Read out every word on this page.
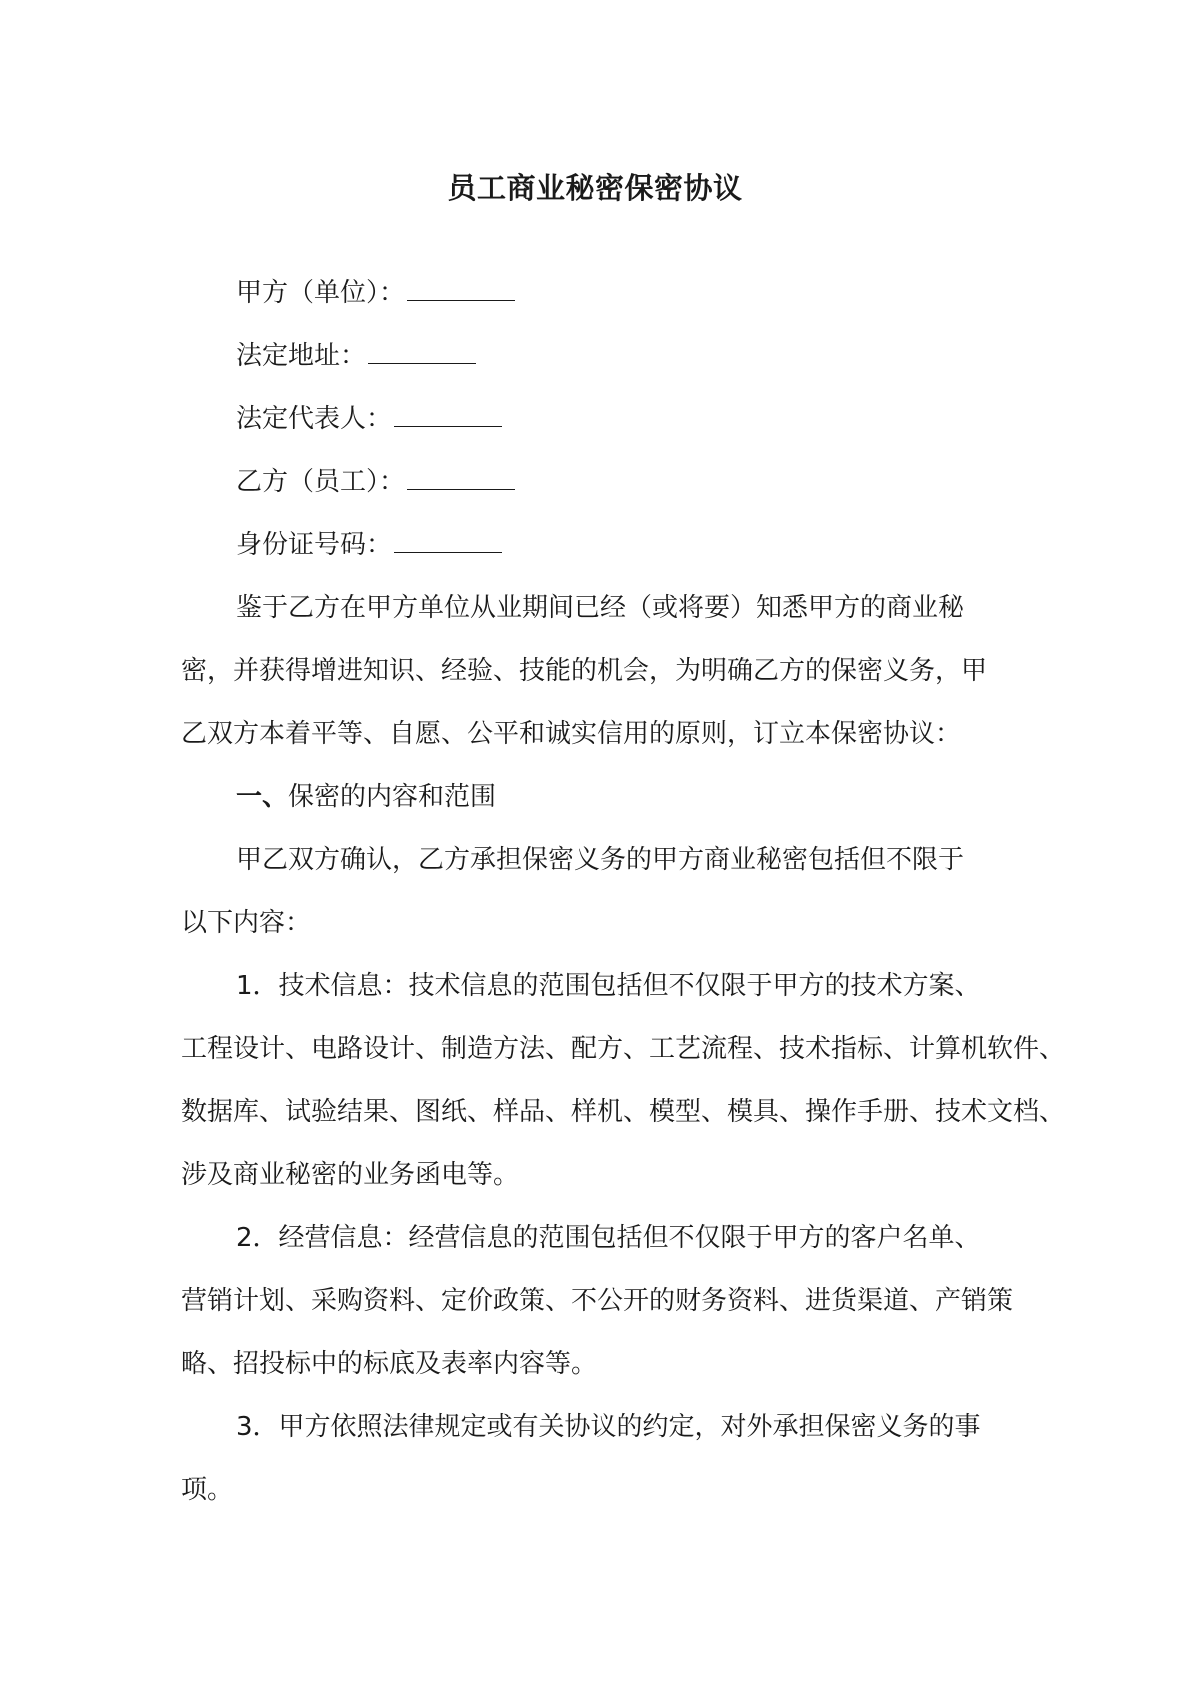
员工商业秘密保密协议
甲方（单位）：
法定地址：
法定代表人：
乙方（员工）：
身份证号码：
鉴于乙方在甲方单位从业期间已经（或将要）知悉甲方的商业秘
密，并获得增进知识、经验、技能的机会，为明确乙方的保密义务，甲
乙双方本着平等、自愿、公平和诚实信用的原则，订立本保密协议：
一、保密的内容和范围
甲乙双方确认，乙方承担保密义务的甲方商业秘密包括但不限于
以下内容：
1．技术信息：技术信息的范围包括但不仅限于甲方的技术方案、
工程设计、电路设计、制造方法、配方、工艺流程、技术指标、计算机软件、
数据库、试验结果、图纸、样品、样机、模型、模具、操作手册、技术文档、
涉及商业秘密的业务函电等。
2．经营信息：经营信息的范围包括但不仅限于甲方的客户名单、
营销计划、采购资料、定价政策、不公开的财务资料、进货渠道、产销策
略、招投标中的标底及表率内容等。
3．甲方依照法律规定或有关协议的约定，对外承担保密义务的事
项。
